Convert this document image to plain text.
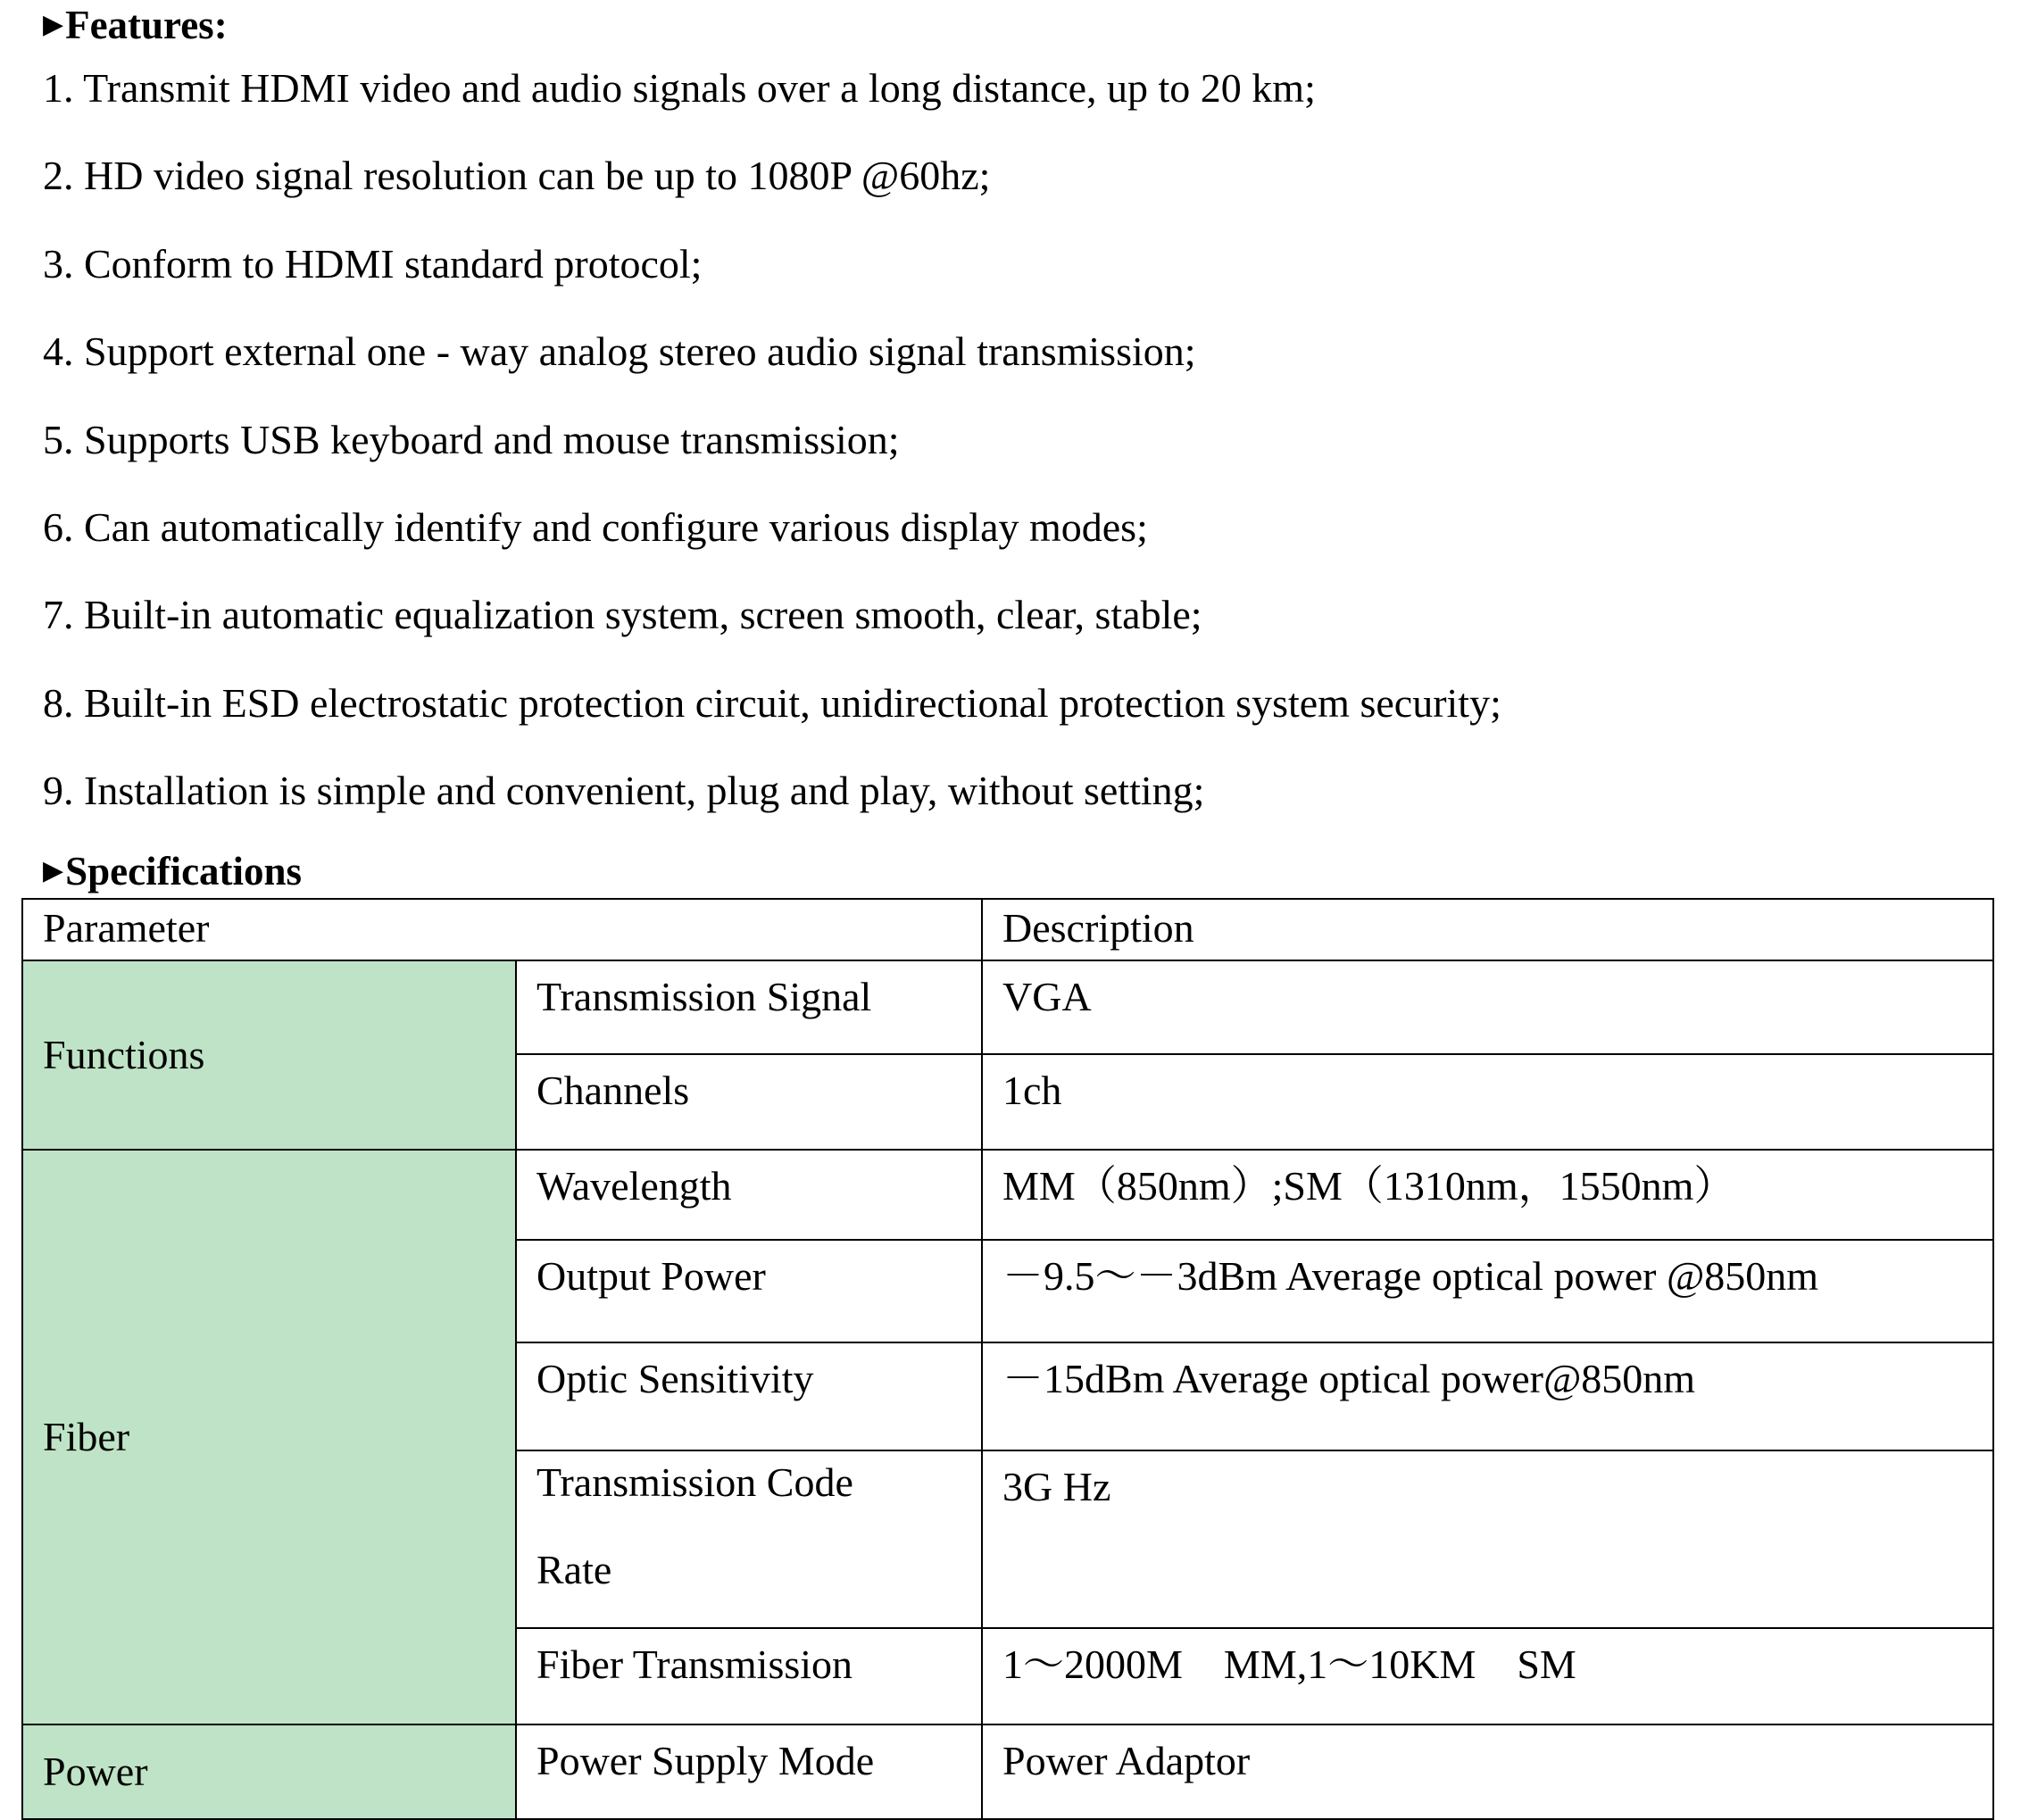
▶Features:
1. Transmit HDMI video and audio signals over a long distance, up to 20 km;
2. HD video signal resolution can be up to 1080P @60hz;
3. Conform to HDMI standard protocol;
4. Support external one - way analog stereo audio signal transmission;
5. Supports USB keyboard and mouse transmission;
6. Can automatically identify and configure various display modes;
7. Built-in automatic equalization system, screen smooth, clear, stable;
8. Built-in ESD electrostatic protection circuit, unidirectional protection system security;
9. Installation is simple and convenient, plug and play, without setting;
▶Specifications
Parameter		Description

Functions	Transmission Signal	VGA

	Channels	1ch

Fiber	Wavelength	MM（850nm）;SM（1310nm，1550nm）

	Output Power	－9.5～－3dBm Average optical power @850nm

	Optic Sensitivity	－15dBm Average optical power@850nm

	Transmission Code Rate	3G Hz

	Fiber Transmission	1～2000M　MM,1～10KM　SM

Power	Power Supply Mode	Power Adaptor
